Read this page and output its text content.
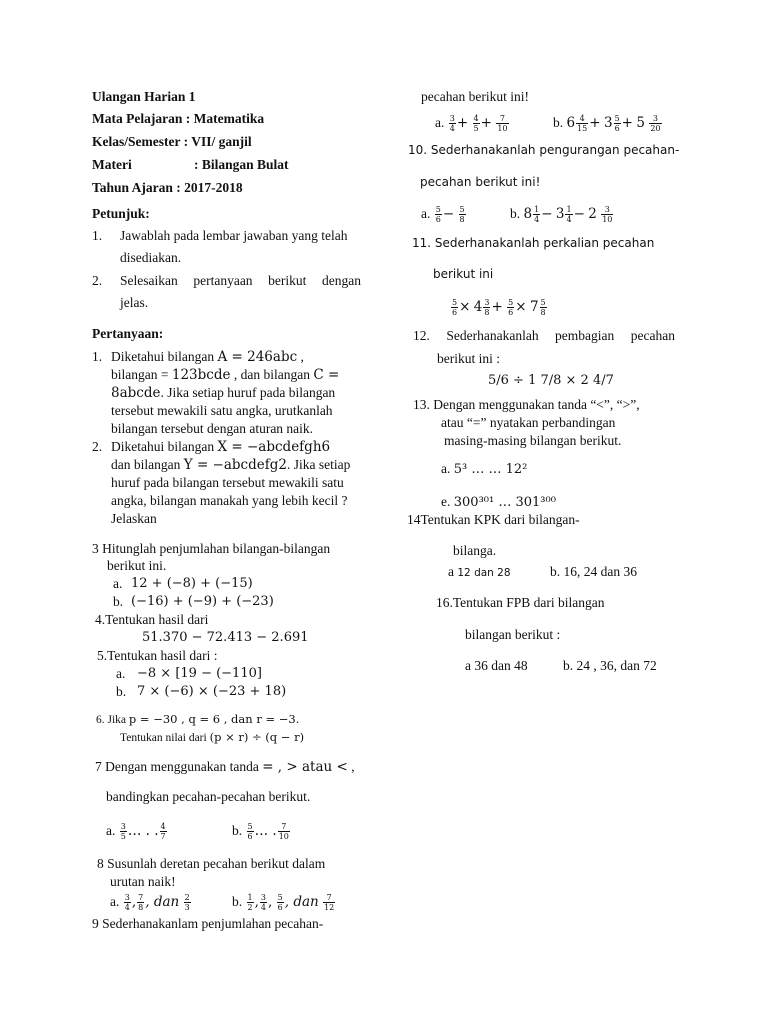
Ulangan Harian 1
Mata Pelajaran : Matematika
Kelas/Semester : VII/ ganjil
Materi	: Bilangan Bulat
Tahun Ajaran : 2017-2018
Petunjuk:
1. Jawablah pada lembar jawaban yang telah
disediakan.
2. Selesaikan pertanyaan berikut dengan
jelas.
Pertanyaan:
1. Diketahui bilangan A = 246abc ,
bilangan = 123bcde , dan bilangan C =
8abcde. Jika setiap huruf pada bilangan
tersebut mewakili satu angka, urutkanlah
bilangan tersebut dengan aturan naik.
2. Diketahui bilangan X = −abcdefgh6
dan bilangan Y = −abcdefg2. Jika setiap
huruf pada bilangan tersebut mewakili satu
angka, bilangan manakah yang lebih kecil ?
Jelaskan
3 Hitunglah penjumlahan bilangan-bilangan
berikut ini.
a. 12 + (−8) + (−15)
b. (−16) + (−9) + (−23)
4.Tentukan hasil dari
51.370 − 72.413 − 2.691
5.Tentukan hasil dari :
a. −8 × [19 − (−110]
b. 7 × (−6) × (−23 + 18)
6. Jika p = −30 , q = 6 , dan r = −3.
Tentukan nilai dari (p × r) ÷ (q − r)
7 Dengan menggunakan tanda = , > atau < ,
bandingkan pecahan-pecahan berikut.
a. $\frac{3}{5}$ … . . $\frac{4}{7}$	b. $\frac{5}{6}$ … . $\frac{7}{10}$
8 Susunlah deretan pecahan berikut dalam
urutan naik!
a. $\frac{3}{4}$ , $\frac{7}{8}$ , dan $\frac{2}{3}$	b. $\frac{1}{2}$ , $\frac{3}{4}$ , $\frac{5}{6}$ , dan $\frac{7}{12}$
9 Sederhanakanlam penjumlahan pecahan-
pecahan berikut ini!
a. $\frac{3}{4} + \frac{4}{5} + \frac{7}{10}$	b. $6 \frac{4}{15} + 3 \frac{5}{6} + 5 \frac{3}{20}$
10. Sederhanakanlah pengurangan pecahan-
pecahan berikut ini!
a. $\frac{5}{6} - \frac{5}{8}$	b. $8 \frac{1}{4} - 3 \frac{1}{4} - 2 \frac{3}{10}$
11. Sederhanakanlah perkalian pecahan
berikut ini
$\frac{5}{6} \times 4 \frac{3}{8} + \frac{5}{6} \times 7 \frac{5}{8}$
12. Sederhanakanlah pembagian pecahan
berikut ini :
5/6 ÷ 1 7/8 × 2 4/7
13. Dengan menggunakan tanda “<”, “>”,
atau “=” nyatakan perbandingan
masing-masing bilangan berikut.
a. 5³ … … 12²
e. 300³⁰¹ … 301³⁰⁰
14Tentukan KPK dari bilangan-
bilanga.
a 12 dan 28	b. 16, 24 dan 36
16.Tentukan FPB dari bilangan
bilangan berikut :
a 36 dan 48	b. 24 , 36, dan 72
